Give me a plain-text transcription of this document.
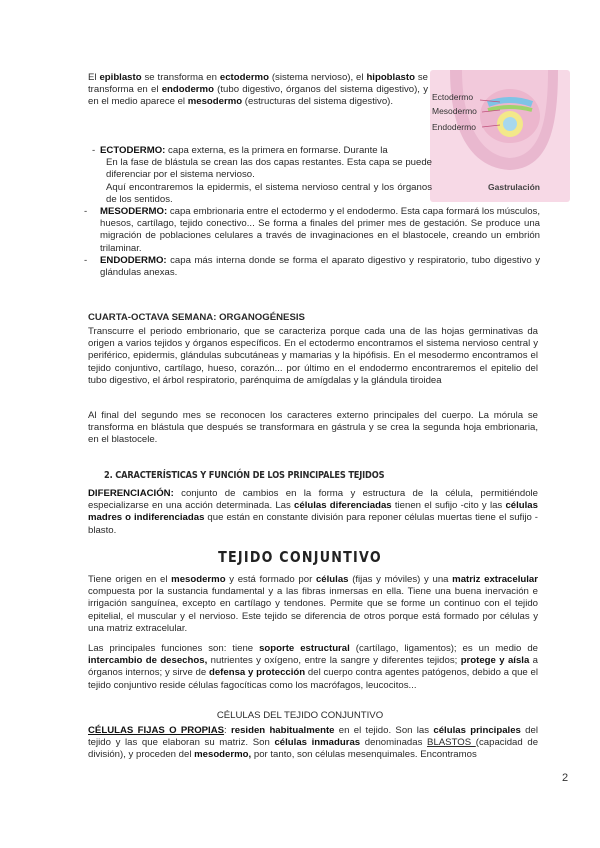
El epiblasto se transforma en ectodermo (sistema nervioso), el hipoblasto se transforma en el endodermo (tubo digestivo, órganos del sistema digestivo), y en el medio aparece el mesodermo (estructuras del sistema digestivo).	Ectodermo
Mesodermo
Endodermo
Gastrulación
- ECTODERMO: capa externa, es la primera en formarse. Durante la
En la fase de blástula se crean las dos capas restantes. Esta capa se puede diferenciar por el sistema nervioso.
Aquí encontraremos la epidermis, el sistema nervioso central y los órganos de los sentidos.
- MESODERMO: capa embrionaria entre el ectodermo y el endodermo. Esta capa formará los músculos, huesos, cartílago, tejido conectivo... Se forma a finales del primer mes de gestación. Se produce una migración de poblaciones celulares a través de invaginaciones en el blastocele, creando un embrión trilaminar.
- ENDODERMO: capa más interna donde se forma el aparato digestivo y respiratorio, tubo digestivo y glándulas anexas.

CUARTA-OCTAVA SEMANA: ORGANOGÉNESIS

Transcurre el periodo embrionario, que se caracteriza porque cada una de las hojas germinativas da origen a varios tejidos y órganos específicos. En el ectodermo encontramos el sistema nervioso central y periférico, epidermis, glándulas subcutáneas y mamarias y la hipófisis. En el mesodermo encontramos el tejido conjuntivo, cartílago, hueso, corazón... por último en el endodermo encontraremos el epitelio del tubo digestivo, el árbol respiratorio, parénquima de amígdalas y la glándula tiroidea

Al final del segundo mes se reconocen los caracteres externo principales del cuerpo. La mórula se transforma en blástula que después se transformara en gástrula y se crea la segunda hoja embrionaria, en el blastocele.

2. CARACTERÍSTICAS Y FUNCIÓN DE LOS PRINCIPALES TEJIDOS

DIFERENCIACIÓN: conjunto de cambios en la forma y estructura de la célula, permitiéndole especializarse en una acción determinada. Las células diferenciadas tienen el sufijo -cito y las células madres o indiferenciadas que están en constante división para reponer células muertas tiene el sufijo -blasto.

TEJIDO CONJUNTIVO

Tiene origen en el mesodermo y está formado por células (fijas y móviles) y una matriz extracelular compuesta por la sustancia fundamental y a las fibras inmersas en ella. Tiene una buena inervación e irrigación sanguínea, excepto en cartílago y tendones. Permite que se forme un continuo con el tejido epitelial, el muscular y el nervioso. Este tejido se diferencia de otros porque está formado por células y una matriz extracelular.

Las principales funciones son: tiene soporte estructural (cartílago, ligamentos); es un medio de intercambio de desechos, nutrientes y oxígeno, entre la sangre y diferentes tejidos; protege y aísla a órganos internos; y sirve de defensa y protección del cuerpo contra agentes patógenos, debido a que el tejido conjuntivo reside células fagocíticas como los macrófagos, leucocitos...

CÉLULAS DEL TEJIDO CONJUNTIVO

CÉLULAS FIJAS O PROPIAS: residen habitualmente en el tejido. Son las células principales del tejido y las que elaboran su matriz. Son células inmaduras denominadas BLASTOS (capacidad de división), y proceden del mesodermo, por tanto, son células mesenquimales. Encontramos

2
